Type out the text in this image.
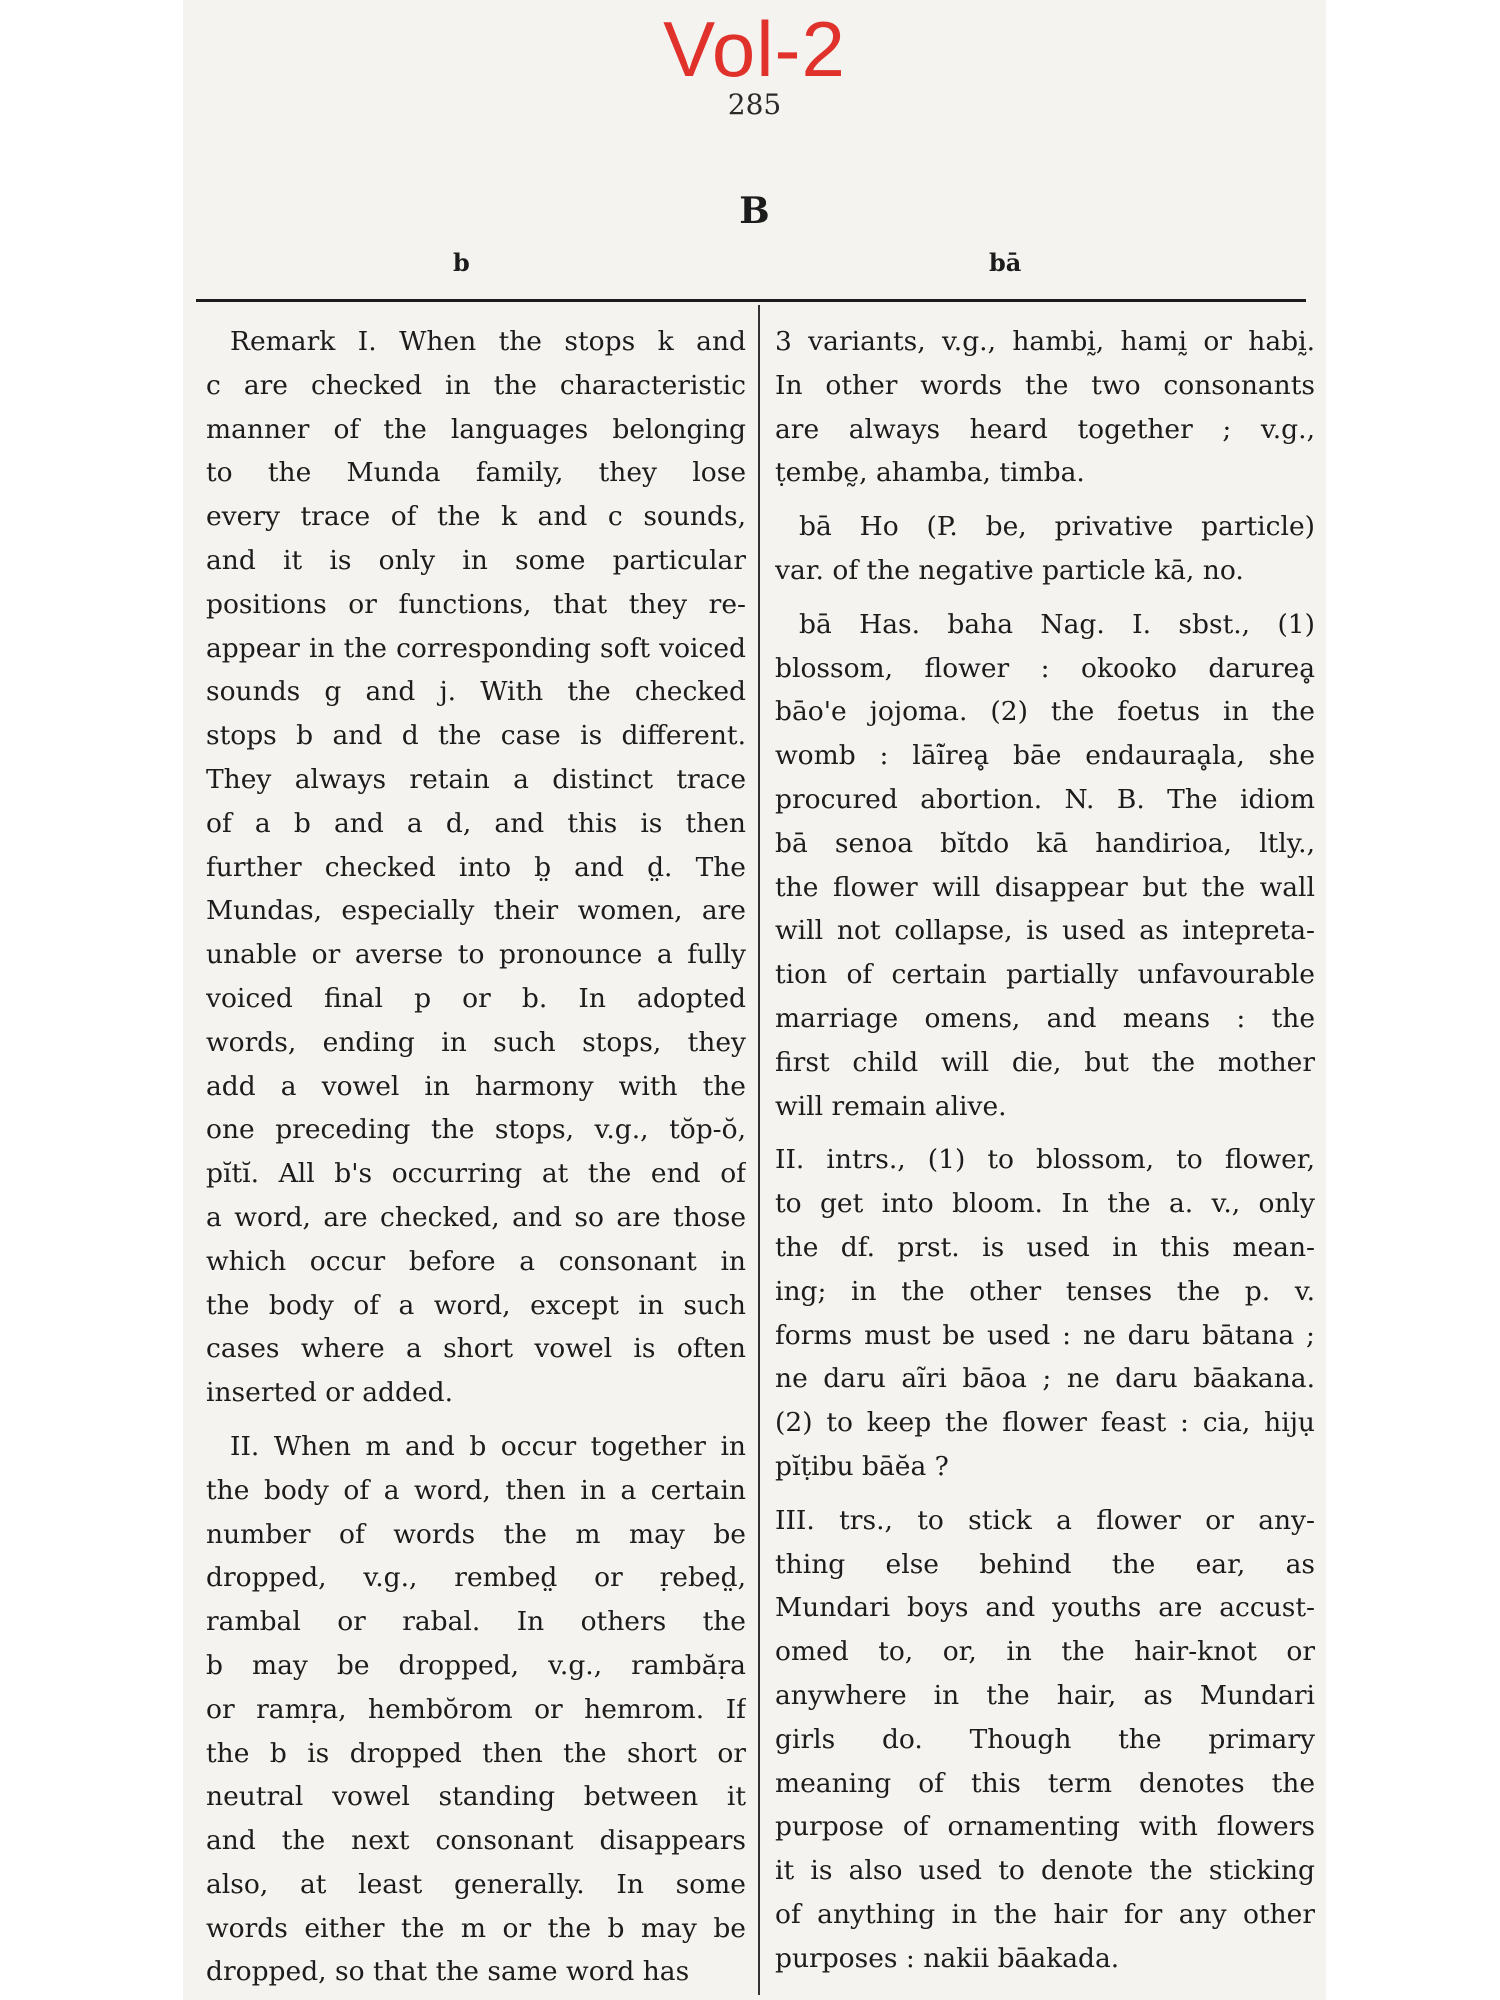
Vol-2
285
B
b	bā
Remark I. When the stops k and
c are checked in the characteristic
manner of the languages belonging
to the Munda family, they lose
every trace of the k and c sounds,
and it is only in some particular
positions or functions, that they re-
appear in the corresponding soft voiced
sounds g and j. With the checked
stops b and d the case is different.
They always retain a distinct trace
of a b and a d, and this is then
further checked into b̤ and d̤. The
Mundas, especially their women, are
unable or averse to pronounce a fully
voiced final p or b. In adopted
words, ending in such stops, they
add a vowel in harmony with the
one preceding the stops, v.g., tŏp-ŏ,
pĭtĭ. All b's occurring at the end of
a word, are checked, and so are those
which occur before a consonant in
the body of a word, except in such
cases where a short vowel is often
inserted or added.
II. When m and b occur together in
the body of a word, then in a certain
number of words the m may be
dropped, v.g., rembed̤ or ṛebed̤,
rambal or rabal. In others the
b may be dropped, v.g., rambăṛa
or ramṛa, hembŏrom or hemrom. If
the b is dropped then the short or
neutral vowel standing between it
and the next consonant disappears
also, at least generally. In some
words either the m or the b may be
dropped, so that the same word has
3 variants, v.g., hambḭ, hamḭ or habḭ.
In other words the two consonants
are always heard together ; v.g.,
ṭembḛ, ahamba, timba.
bā Ho (P. be, privative particle)
var. of the negative particle kā, no.
bā Has. baha Nag. I. sbst., (1)
blossom, flower : okooko darureḁ
bāo'e jojoma. (2) the foetus in the
womb : lāi̇̃reḁ bāe endauraḁla, she
procured abortion. N. B. The idiom
bā senoa bĭtdo kā handirioa, ltly.,
the flower will disappear but the wall
will not collapse, is used as intepreta-
tion of certain partially unfavourable
marriage omens, and means : the
first child will die, but the mother
will remain alive.
II. intrs., (1) to blossom, to flower,
to get into bloom. In the a. v., only
the df. prst. is used in this mean-
ing; in the other tenses the p. v.
forms must be used : ne daru bātana ;
ne daru aĩri bāoa ; ne daru bāakana.
(2) to keep the flower feast : cia, hijụ
pĭṭibu bāĕa ?
III. trs., to stick a flower or any-
thing else behind the ear, as
Mundari boys and youths are accust-
omed to, or, in the hair-knot or
anywhere in the hair, as Mundari
girls do. Though the primary
meaning of this term denotes the
purpose of ornamenting with flowers
it is also used to denote the sticking
of anything in the hair for any other
purposes : nakii bāakada.
